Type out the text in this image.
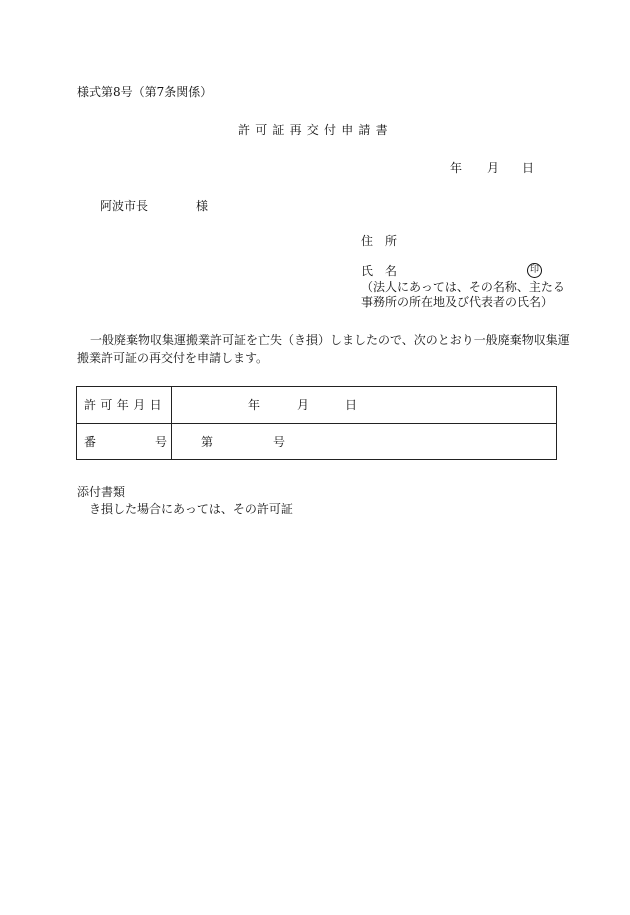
様式第8号（第7条関係）
許可証再交付申請書
年 月 日
阿波市長	様
住 所
氏 名	印
（法人にあっては、その名称、主たる
事務所の所在地及び代表者の氏名）
一般廃棄物収集運搬業許可証を亡失（き損）しましたので、次のとおり一般廃棄物収集運
搬業許可証の再交付を申請します。
許可年月日	年	月	日
番	号	第	号
添付書類
き損した場合にあっては、その許可証
